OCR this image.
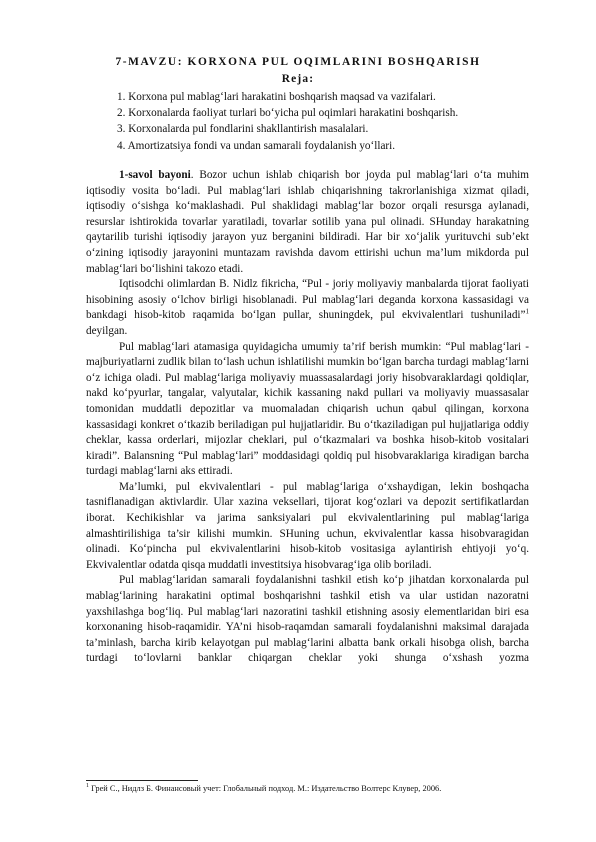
7-MAVZU: KORXONA PUL OQIMLARINI BOSHQARISH
Reja:
1. Korxona pul mablag‘lari harakatini boshqarish maqsad va vazifalari.
2. Korxonalarda faoliyat turlari bo‘yicha pul oqimlari harakatini boshqarish.
3. Korxonalarda pul fondlarini shakllantirish masalalari.
4. Amortizatsiya fondi va undan samarali foydalanish yo‘llari.

1-savol bayoni. Bozor uchun ishlab chiqarish bor joyda pul mablag‘lari o‘ta muhim iqtisodiy vosita bo‘ladi. Pul mablag‘lari ishlab chiqarishning takrorlanishiga xizmat qiladi, iqtisodiy o‘sishga ko‘maklashadi. Pul shaklidagi mablag‘lar bozor orqali resursga aylanadi, resurslar ishtirokida tovarlar yaratiladi, tovarlar sotilib yana pul olinadi. SHunday harakatning qaytarilib turishi iqtisodiy jarayon yuz berganini bildiradi. Har bir xo‘jalik yurituvchi sub’ekt o‘zining iqtisodiy jarayonini muntazam ravishda davom ettirishi uchun ma’lum mikdorda pul mablag‘lari bo‘lishini takozo etadi.

Iqtisodchi olimlardan B. Nidlz fikricha, “Pul - joriy moliyaviy manbalarda tijorat faoliyati hisobining asosiy o‘lchov birligi hisoblanadi. Pul mablag‘lari deganda korxona kassasidagi va bankdagi hisob-kitob raqamida bo‘lgan pullar, shuningdek, pul ekvivalentlari tushuniladi”$^1$ deyilgan.

Pul mablag‘lari atamasiga quyidagicha umumiy ta’rif berish mumkin: “Pul mablag‘lari - majburiyatlarni zudlik bilan to‘lash uchun ishlatilishi mumkin bo‘lgan barcha turdagi mablag‘larni o‘z ichiga oladi. Pul mablag‘lariga moliyaviy muassasalardagi joriy hisobvaraklardagi qoldiqlar, nakd ko‘pyurlar, tangalar, valyutalar, kichik kassaning nakd pullari va moliyaviy muassasalar tomonidan muddatli depozitlar va muomaladan chiqarish uchun qabul qilingan, korxona kassasidagi konkret o‘tkazib beriladigan pul hujjatlaridir. Bu o‘tkaziladigan pul hujjatlariga oddiy cheklar, kassa orderlari, mijozlar cheklari, pul o‘tkazmalari va boshka hisob-kitob vositalari kiradi”. Balansning “Pul mablag‘lari” moddasidagi qoldiq pul hisobvaraklariga kiradigan barcha turdagi mablag‘larni aks ettiradi.

Ma’lumki, pul ekvivalentlari - pul mablag‘lariga o‘xshaydigan, lekin boshqacha tasniflanadigan aktivlardir. Ular xazina veksellari, tijorat kog‘ozlari va depozit sertifikatlardan iborat. Kechikishlar va jarima sanksiyalari pul ekvivalentlarining pul mablag‘lariga almashtirilishiga ta’sir kilishi mumkin. SHuning uchun, ekvivalentlar kassa hisobvaragidan olinadi. Ko‘pincha pul ekvivalentlarini hisob-kitob vositasiga aylantirish ehtiyoji yo‘q. Ekvivalentlar odatda qisqa muddatli investitsiya hisobvarag‘iga olib boriladi.

Pul mablag‘laridan samarali foydalanishni tashkil etish ko‘p jihatdan korxonalarda pul mablag‘larining harakatini optimal boshqarishni tashkil etish va ular ustidan nazoratni yaxshilashga bog‘liq. Pul mablag‘lari nazoratini tashkil etishning asosiy elementlaridan biri esa korxonaning hisob-raqamidir. YA’ni hisob-raqamdan samarali foydalanishni maksimal darajada ta’minlash, barcha kirib kelayotgan pul mablag‘larini albatta bank orkali hisobga olish, barcha turdagi to‘lovlarni banklar chiqargan cheklar yoki shunga o‘xshash yozma

$^1$ Грей С., Нидлз Б. Финансовый учет: Глобальный подход. М.: Издательство Волтерс Клувер, 2006.
